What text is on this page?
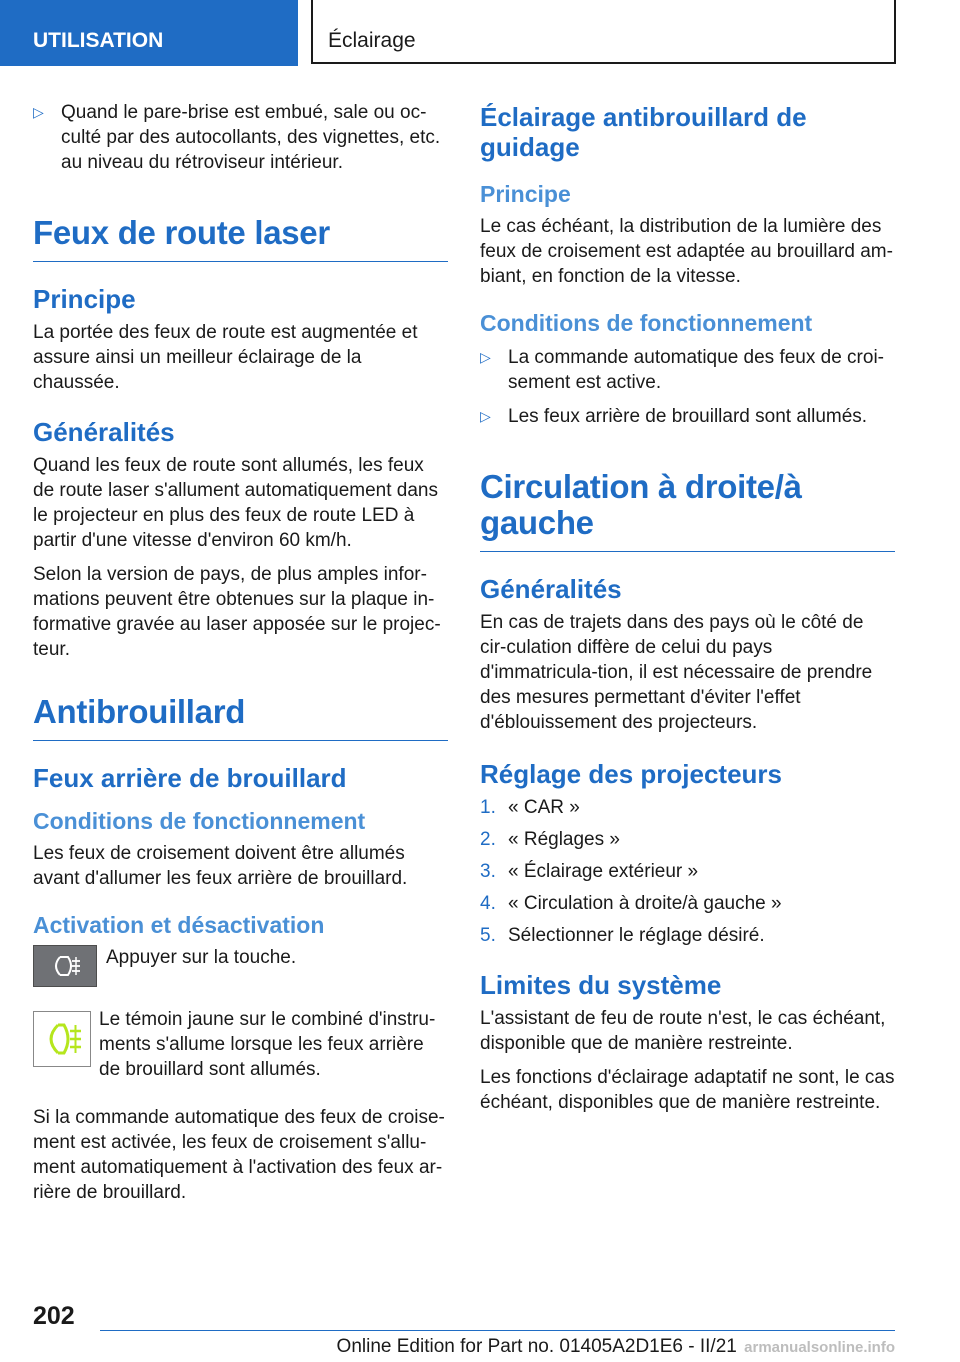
UTILISATION	Éclairage
▷ Quand le pare-brise est embué, sale ou oc-culté par des autocollants, des vignettes, etc. au niveau du rétroviseur intérieur.
Feux de route laser
Principe

La portée des feux de route est augmentée et assure ainsi un meilleur éclairage de la chaussée.

Généralités

Quand les feux de route sont allumés, les feux de route laser s'allument automatiquement dans le projecteur en plus des feux de route LED à partir d'une vitesse d'environ 60 km/h.

Selon la version de pays, de plus amples infor-mations peuvent être obtenues sur la plaque in-formative gravée au laser apposée sur le projec-teur.

Antibrouillard
Feux arrière de brouillard
Conditions de fonctionnement

Les feux de croisement doivent être allumés avant d'allumer les feux arrière de brouillard.

Activation et désactivation

Appuyer sur la touche.

Le témoin jaune sur le combiné d'instru-ments s'allume lorsque les feux arrière de brouillard sont allumés.

Si la commande automatique des feux de croise-ment est activée, les feux de croisement s'allu-ment automatiquement à l'activation des feux ar-rière de brouillard.

Éclairage antibrouillard de guidage
Principe

Le cas échéant, la distribution de la lumière des feux de croisement est adaptée au brouillard am-biant, en fonction de la vitesse.

Conditions de fonctionnement
▷ La commande automatique des feux de croi-sement est active.
▷ Les feux arrière de brouillard sont allumés.
Circulation à droite/à gauche
Généralités

En cas de trajets dans des pays où le côté de cir-culation diffère de celui du pays d'immatricula-tion, il est nécessaire de prendre des mesures permettant d'éviter l'effet d'éblouissement des projecteurs.

Réglage des projecteurs
1. « CAR »
2. « Réglages »
3. « Éclairage extérieur »
4. « Circulation à droite/à gauche »
5. Sélectionner le réglage désiré.
Limites du système

L'assistant de feu de route n'est, le cas échéant, disponible que de manière restreinte.

Les fonctions d'éclairage adaptatif ne sont, le cas échéant, disponibles que de manière restreinte.

202
Online Edition for Part no. 01405A2D1E6 - II/21 armanualsonline.info
